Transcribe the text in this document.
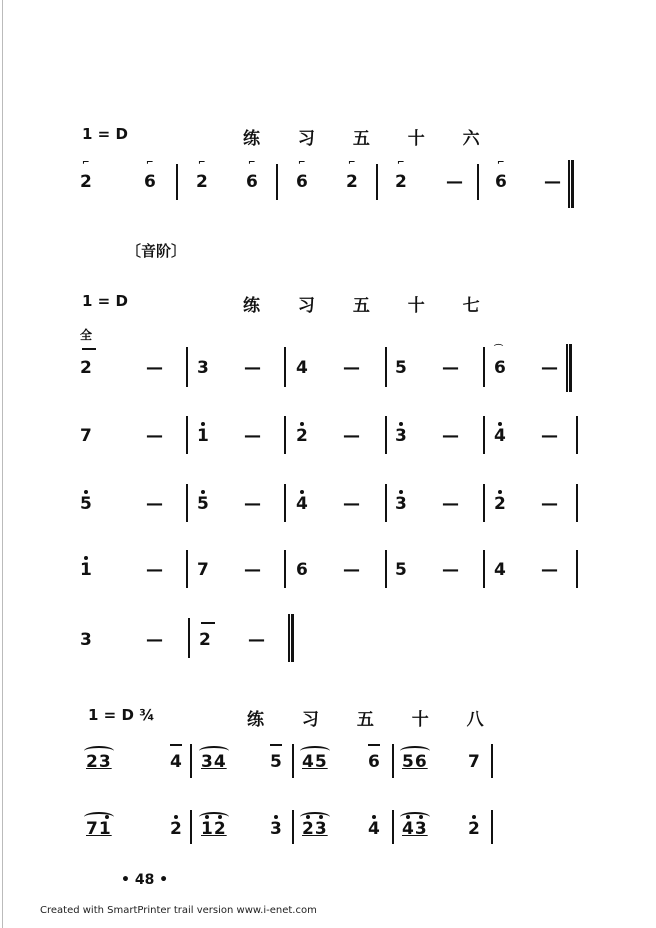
1 = D	练 习 五 十 六
⌐
2
⌐
6
⌐
2
⌐
6
⌐
6
⌐
2
⌐
2 —
⌐
6 —
〔音阶〕
1 = D	练 习 五 十 七
全
2	— 3 — 4 — 5 —
⌒
6 —
7	— 1 — 2 — 3 — 4 —
5	— 5 — 4 — 3 — 2 —
1	— 7 — 6 — 5 — 4 —
3	— 2 —
1 = D ¾	练 习 五 十 八
23	4 34	5 45 6 56 7
71	2 12	3 23 4 43 2
• 48 •
Created with SmartPrinter trail version www.i-enet.com
